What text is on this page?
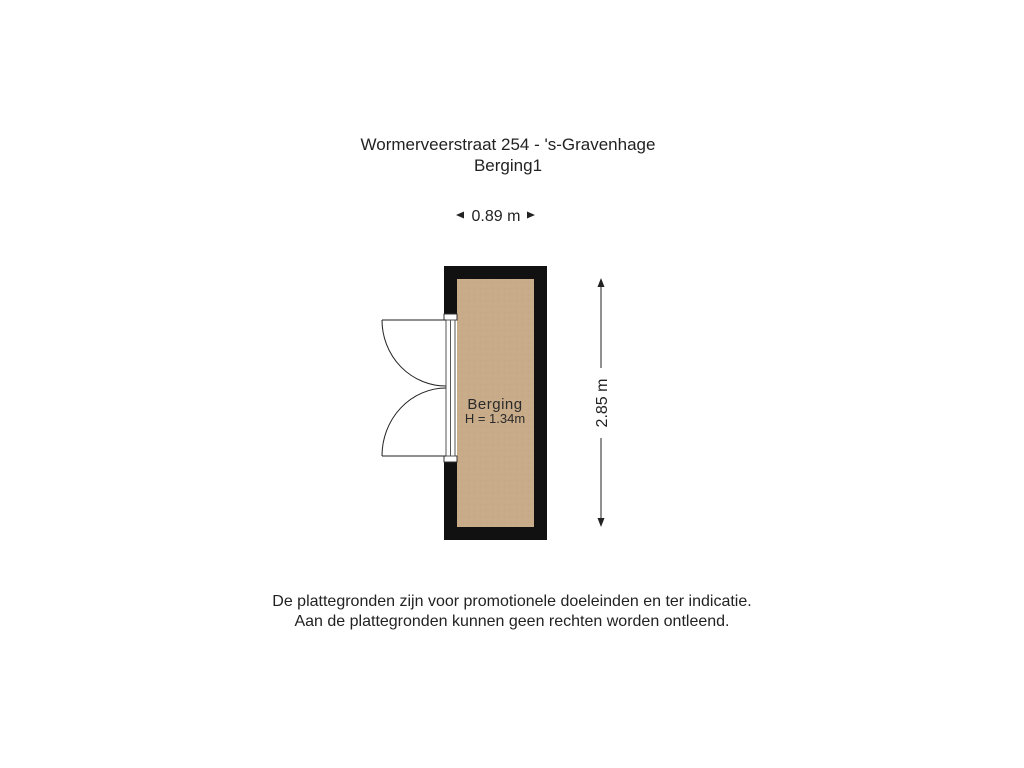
Wormerveerstraat 254 - 's-Gravenhage
Berging1
0.89 m
Berging
H = 1.34m	2.85 m
De plattegronden zijn voor promotionele doeleinden en ter indicatie.
Aan de plattegronden kunnen geen rechten worden ontleend.
